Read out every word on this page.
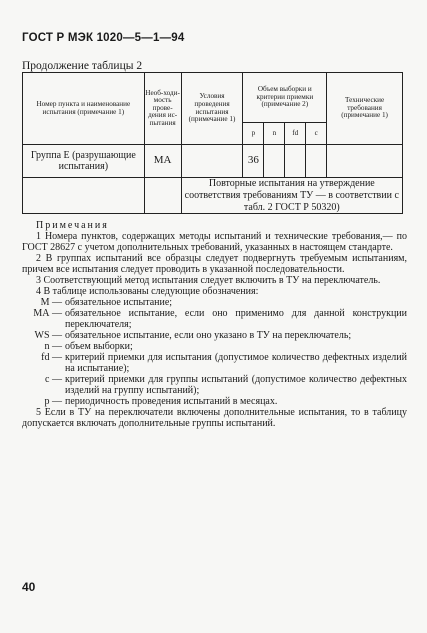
ГОСТ Р МЭК 1020—5—1—94
Продолжение таблицы 2
Номер пункта и наименование испытания (примечание 1)	Необ-ходи-мость прове-дения ис-пытания	Условия проведения испытания (примечание 1)	Объем выборки и критерии приемки (примечание 2)				Технические требования (примечание 1)
			p	n	fd	c	
Группа Е (разрушающие испытания)	МА		36				
		Повторные испытания на утверждение соответствия требованиям ТУ — в соответствии с табл. 2 ГОСТ Р 50320)					

Примечания

1 Номера пунктов, содержащих методы испытаний и технические требования,— по ГОСТ 28627 с учетом дополнительных требований, указанных в настоящем стандарте.

2 В группах испытаний все образцы следует подвергнуть требуемым испытаниям, причем все испытания следует проводить в указанной последовательности.

3 Соответствующий метод испытания следует включить в ТУ на переключатель.

4 В таблице использованы следующие обозначения:

М — обязательное испытание;
МА — обязательное испытание, если оно применимо для данной конструкции переключателя;
WS — обязательное испытание, если оно указано в ТУ на переключатель;
n — объем выборки;
fd — критерий приемки для испытания (допустимое количество дефектных изделий на испытание);
c — критерий приемки для группы испытаний (допустимое количество дефектных изделий на группу испытаний);
p — периодичность проведения испытаний в месяцах.

5 Если в ТУ на переключатели включены дополнительные испытания, то в таблицу допускается включать дополнительные группы испытаний.

40
